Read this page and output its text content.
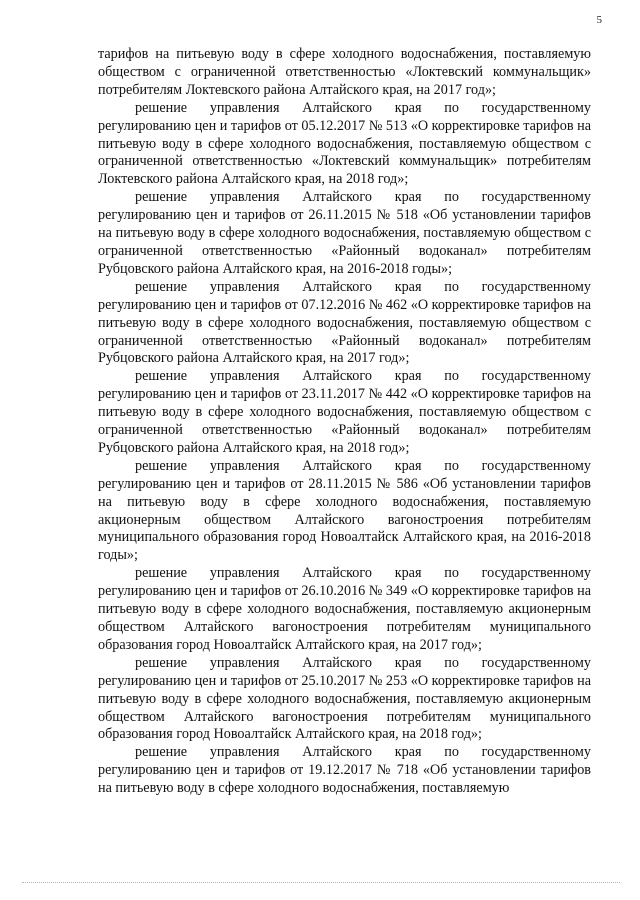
5

тарифов на питьевую воду в сфере холодного водоснабжения, поставляемую обществом с ограниченной ответственностью «Локтевский коммунальщик» потребителям Локтевского района Алтайского края, на 2017 год»;

решение управления Алтайского края по государственному регулированию цен и тарифов от 05.12.2017 № 513 «О корректировке тарифов на питьевую воду в сфере холодного водоснабжения, поставляемую обществом с ограниченной ответственностью «Локтевский коммунальщик» потребителям Локтевского района Алтайского края, на 2018 год»;

решение управления Алтайского края по государственному регулированию цен и тарифов от 26.11.2015 № 518 «Об установлении тарифов на питьевую воду в сфере холодного водоснабжения, поставляемую обществом с ограниченной ответственностью «Районный водоканал» потребителям Рубцовского района Алтайского края, на 2016-2018 годы»;

решение управления Алтайского края по государственному регулированию цен и тарифов от 07.12.2016 № 462 «О корректировке тарифов на питьевую воду в сфере холодного водоснабжения, поставляемую обществом с ограниченной ответственностью «Районный водоканал» потребителям Рубцовского района Алтайского края, на 2017 год»;

решение управления Алтайского края по государственному регулированию цен и тарифов от 23.11.2017 № 442 «О корректировке тарифов на питьевую воду в сфере холодного водоснабжения, поставляемую обществом с ограниченной ответственностью «Районный водоканал» потребителям Рубцовского района Алтайского края, на 2018 год»;

решение управления Алтайского края по государственному регулированию цен и тарифов от 28.11.2015 № 586 «Об установлении тарифов на питьевую воду в сфере холодного водоснабжения, поставляемую акционерным обществом Алтайского вагоностроения потребителям муниципального образования город Новоалтайск Алтайского края, на 2016-2018 годы»;

решение управления Алтайского края по государственному регулированию цен и тарифов от 26.10.2016 № 349 «О корректировке тарифов на питьевую воду в сфере холодного водоснабжения, поставляемую акционерным обществом Алтайского вагоностроения потребителям муниципального образования город Новоалтайск Алтайского края, на 2017 год»;

решение управления Алтайского края по государственному регулированию цен и тарифов от 25.10.2017 № 253 «О корректировке тарифов на питьевую воду в сфере холодного водоснабжения, поставляемую акционерным обществом Алтайского вагоностроения потребителям муниципального образования город Новоалтайск Алтайского края, на 2018 год»;

решение управления Алтайского края по государственному регулированию цен и тарифов от 19.12.2017 № 718 «Об установлении тарифов на питьевую воду в сфере холодного водоснабжения, поставляемую
